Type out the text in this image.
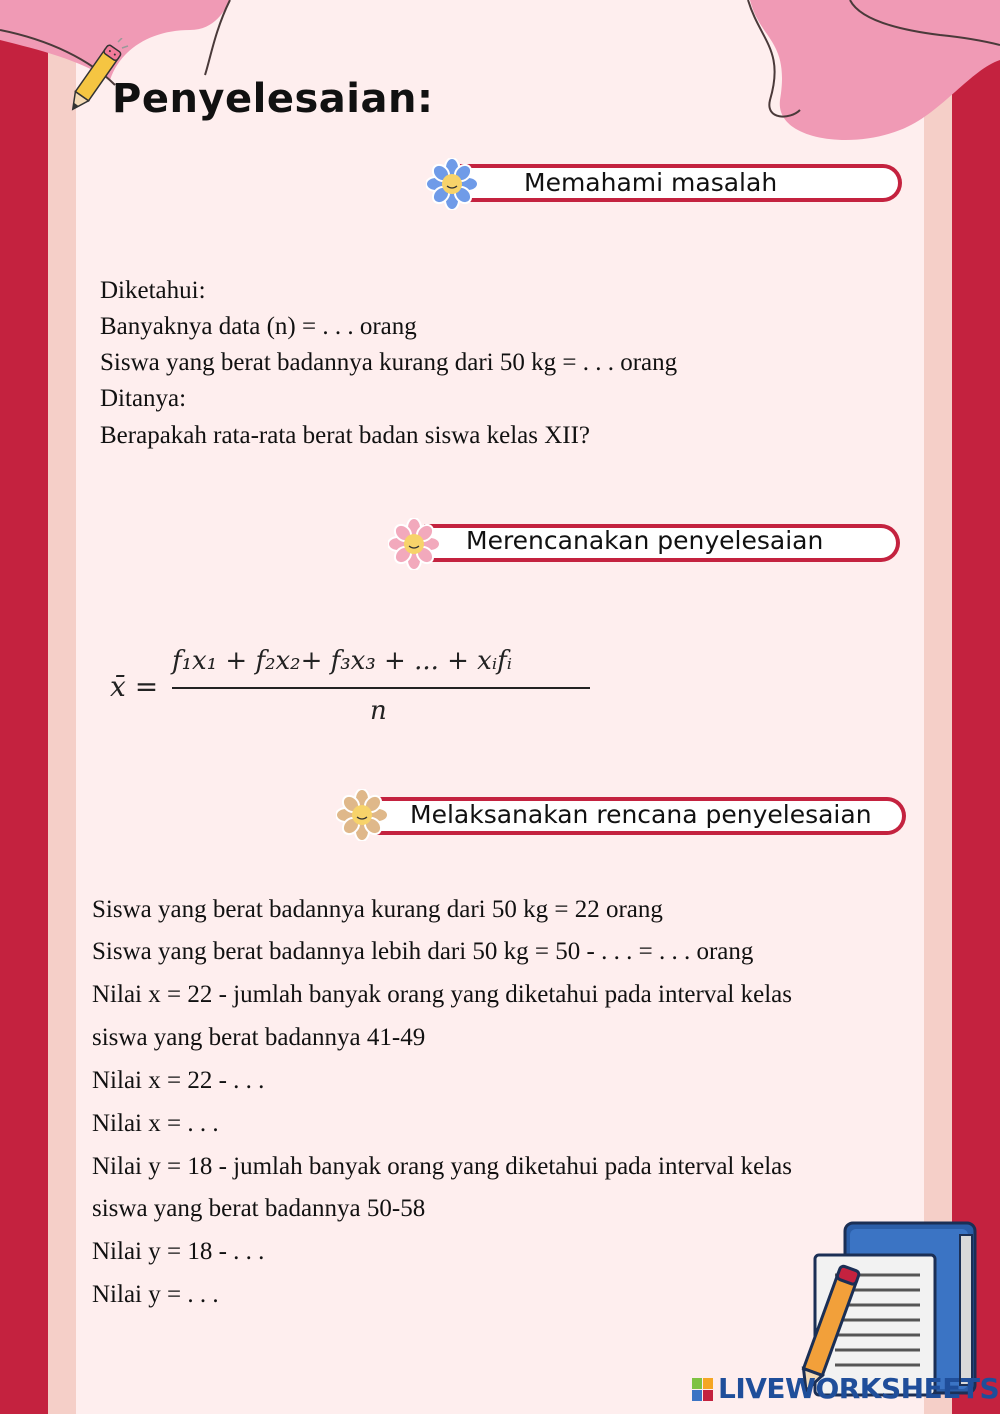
Penyelesaian:
Memahami masalah
Diketahui:
Banyaknya data (n) = . . . orang
Siswa yang berat badannya kurang dari 50 kg = . . . orang
Ditanya:
Berapakah rata-rata berat badan siswa kelas XII?
Merencanakan penyelesaian
x̄ =
f₁x₁ + f₂x₂+ f₃x₃ + ... + xᵢfᵢ
n
Melaksanakan rencana penyelesaian
Siswa yang berat badannya kurang dari 50 kg = 22 orang
Siswa yang berat badannya lebih dari 50 kg = 50 - . . . = . . . orang
Nilai x = 22 - jumlah banyak orang yang diketahui pada interval kelas
siswa yang berat badannya 41-49
Nilai x = 22 - . . .
Nilai x = . . .
Nilai y = 18 - jumlah banyak orang yang diketahui pada interval kelas
siswa yang berat badannya 50-58
Nilai y = 18 - . . .
Nilai y = . . .
LIVEWORKSHEETS
